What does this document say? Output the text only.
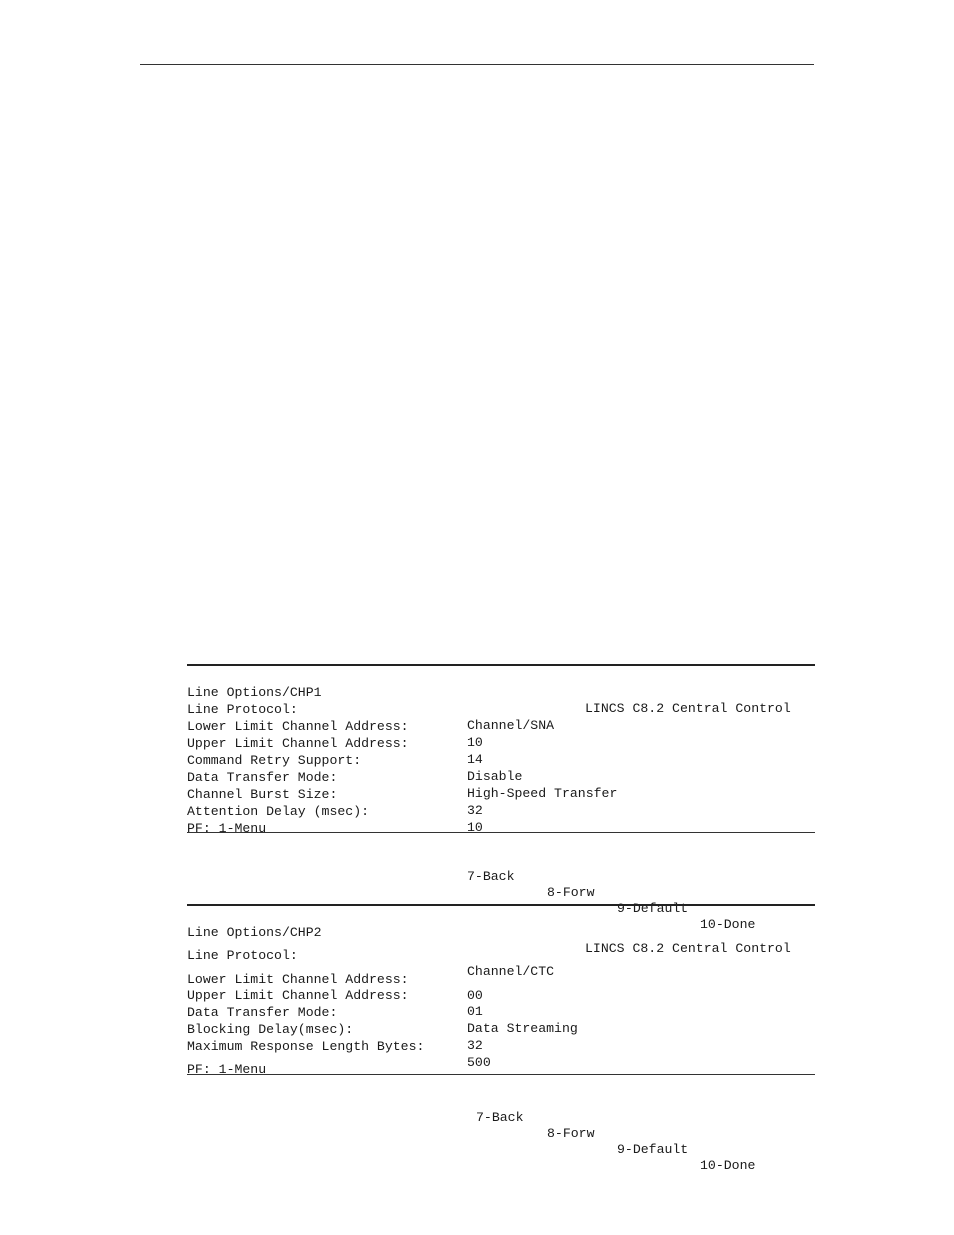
Line Options/CHP1

LINCS C8.2 Central Control

Line Protocol:

Channel/SNA

Lower Limit Channel Address:

10

Upper Limit Channel Address:

14

Command Retry Support:

Disable

Data Transfer Mode:

High-Speed Transfer

Channel Burst Size:

32

Attention Delay (msec):

10

PF: 1-Menu

7-Back

8-Forw

9-Default

10-Done

Line Options/CHP2

LINCS C8.2 Central Control

Line Protocol:

Channel/CTC

Lower Limit Channel Address:

00

Upper Limit Channel Address:

01

Data Transfer Mode:

Data Streaming

Blocking Delay(msec):

32

Maximum Response Length Bytes:

500

PF: 1-Menu

7-Back

8-Forw

9-Default

10-Done
